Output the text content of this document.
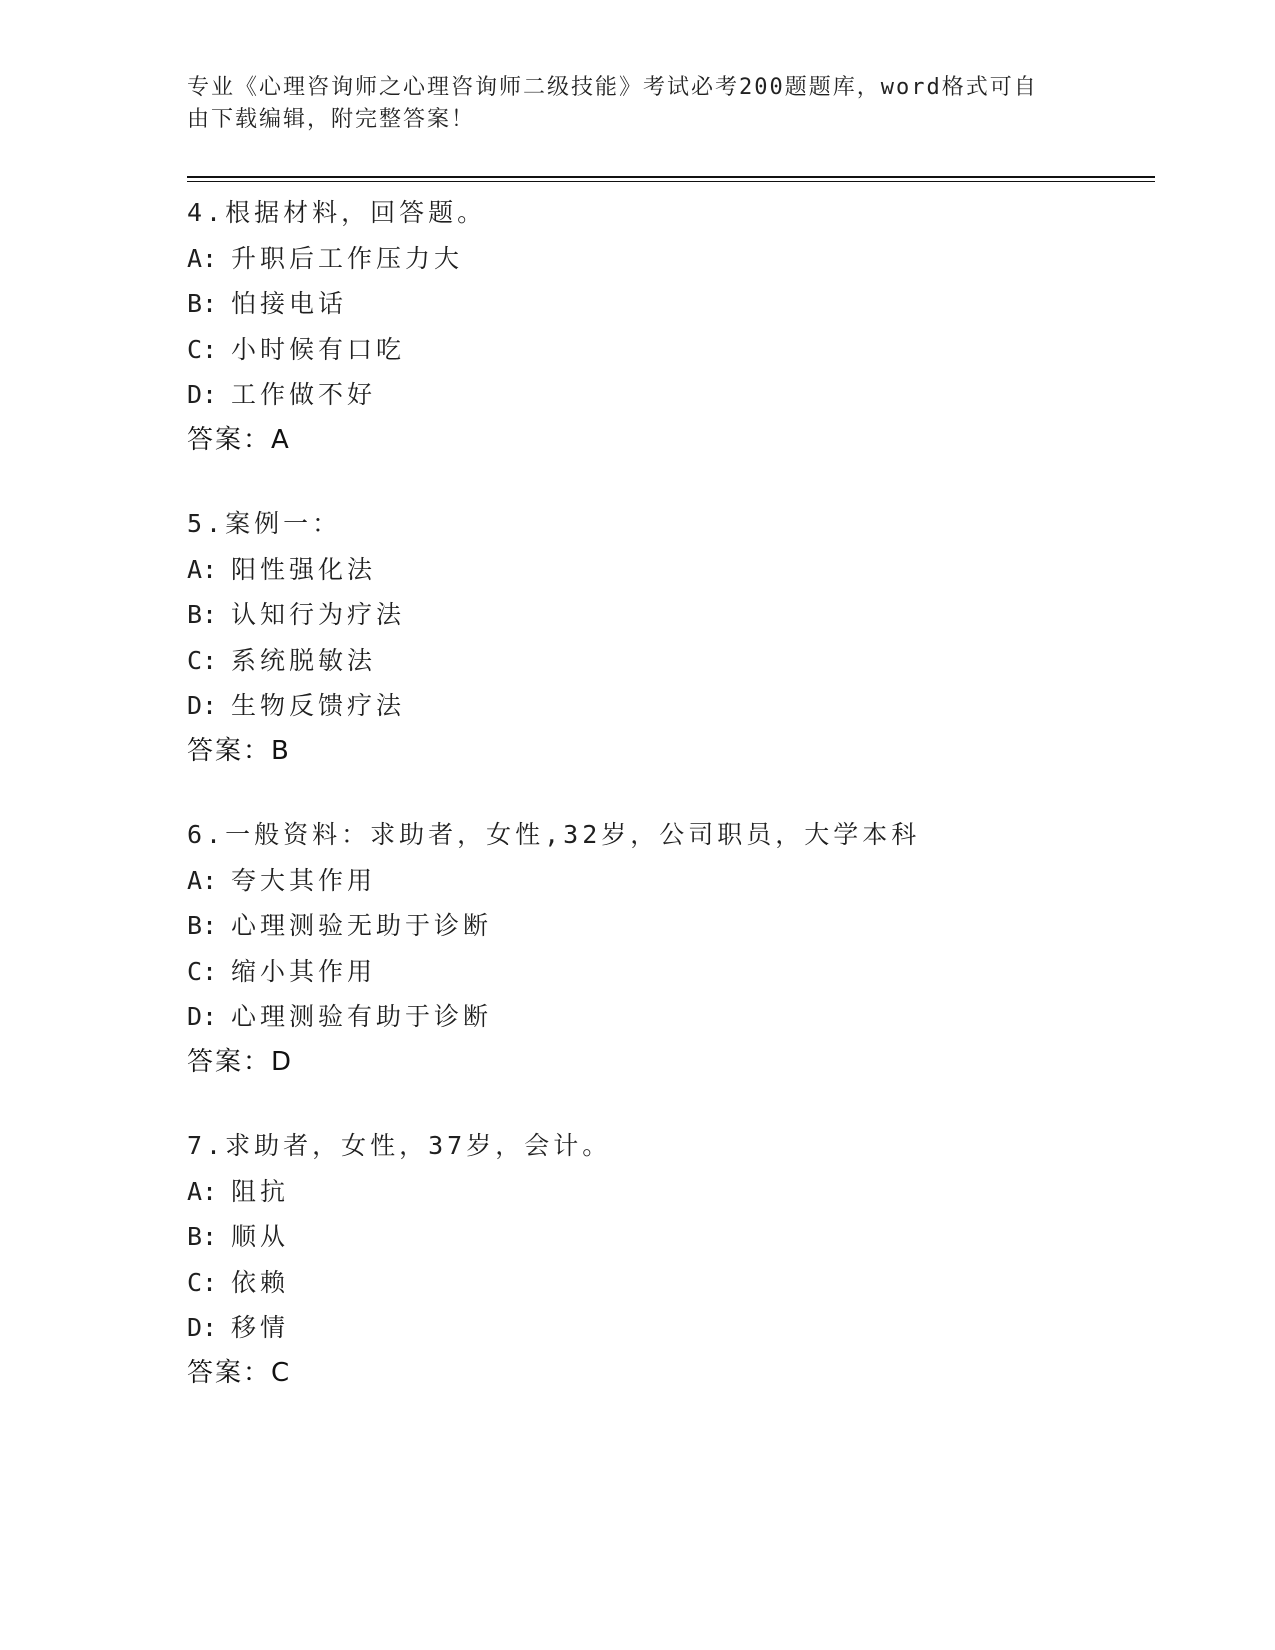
专业《心理咨询师之心理咨询师二级技能》考试必考200题题库，word格式可自
由下载编辑，附完整答案！
4.根据材料，回答题。
A: 升职后工作压力大
B: 怕接电话
C: 小时候有口吃
D: 工作做不好
答案：A
5.案例一：
A: 阳性强化法
B: 认知行为疗法
C: 系统脱敏法
D: 生物反馈疗法
答案：B
6.一般资料：求助者，女性,32岁，公司职员，大学本科
A: 夸大其作用
B: 心理测验无助于诊断
C: 缩小其作用
D: 心理测验有助于诊断
答案：D
7.求助者，女性，37岁，会计。
A: 阻抗
B: 顺从
C: 依赖
D: 移情
答案：C
